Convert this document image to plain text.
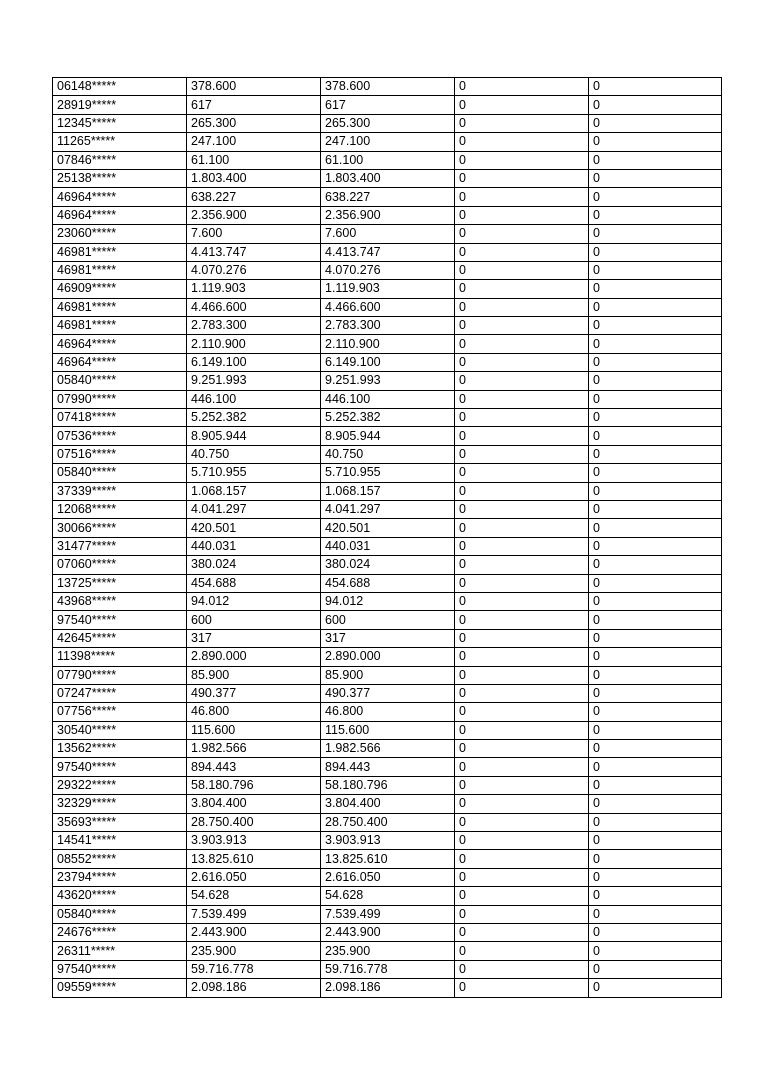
06148*****	378.600	378.600	0	0
28919*****	617	617	0	0
12345*****	265.300	265.300	0	0
11265*****	247.100	247.100	0	0
07846*****	61.100	61.100	0	0
25138*****	1.803.400	1.803.400	0	0
46964*****	638.227	638.227	0	0
46964*****	2.356.900	2.356.900	0	0
23060*****	7.600	7.600	0	0
46981*****	4.413.747	4.413.747	0	0
46981*****	4.070.276	4.070.276	0	0
46909*****	1.119.903	1.119.903	0	0
46981*****	4.466.600	4.466.600	0	0
46981*****	2.783.300	2.783.300	0	0
46964*****	2.110.900	2.110.900	0	0
46964*****	6.149.100	6.149.100	0	0
05840*****	9.251.993	9.251.993	0	0
07990*****	446.100	446.100	0	0
07418*****	5.252.382	5.252.382	0	0
07536*****	8.905.944	8.905.944	0	0
07516*****	40.750	40.750	0	0
05840*****	5.710.955	5.710.955	0	0
37339*****	1.068.157	1.068.157	0	0
12068*****	4.041.297	4.041.297	0	0
30066*****	420.501	420.501	0	0
31477*****	440.031	440.031	0	0
07060*****	380.024	380.024	0	0
13725*****	454.688	454.688	0	0
43968*****	94.012	94.012	0	0
97540*****	600	600	0	0
42645*****	317	317	0	0
11398*****	2.890.000	2.890.000	0	0
07790*****	85.900	85.900	0	0
07247*****	490.377	490.377	0	0
07756*****	46.800	46.800	0	0
30540*****	115.600	115.600	0	0
13562*****	1.982.566	1.982.566	0	0
97540*****	894.443	894.443	0	0
29322*****	58.180.796	58.180.796	0	0
32329*****	3.804.400	3.804.400	0	0
35693*****	28.750.400	28.750.400	0	0
14541*****	3.903.913	3.903.913	0	0
08552*****	13.825.610	13.825.610	0	0
23794*****	2.616.050	2.616.050	0	0
43620*****	54.628	54.628	0	0
05840*****	7.539.499	7.539.499	0	0
24676*****	2.443.900	2.443.900	0	0
26311*****	235.900	235.900	0	0
97540*****	59.716.778	59.716.778	0	0
09559*****	2.098.186	2.098.186	0	0
